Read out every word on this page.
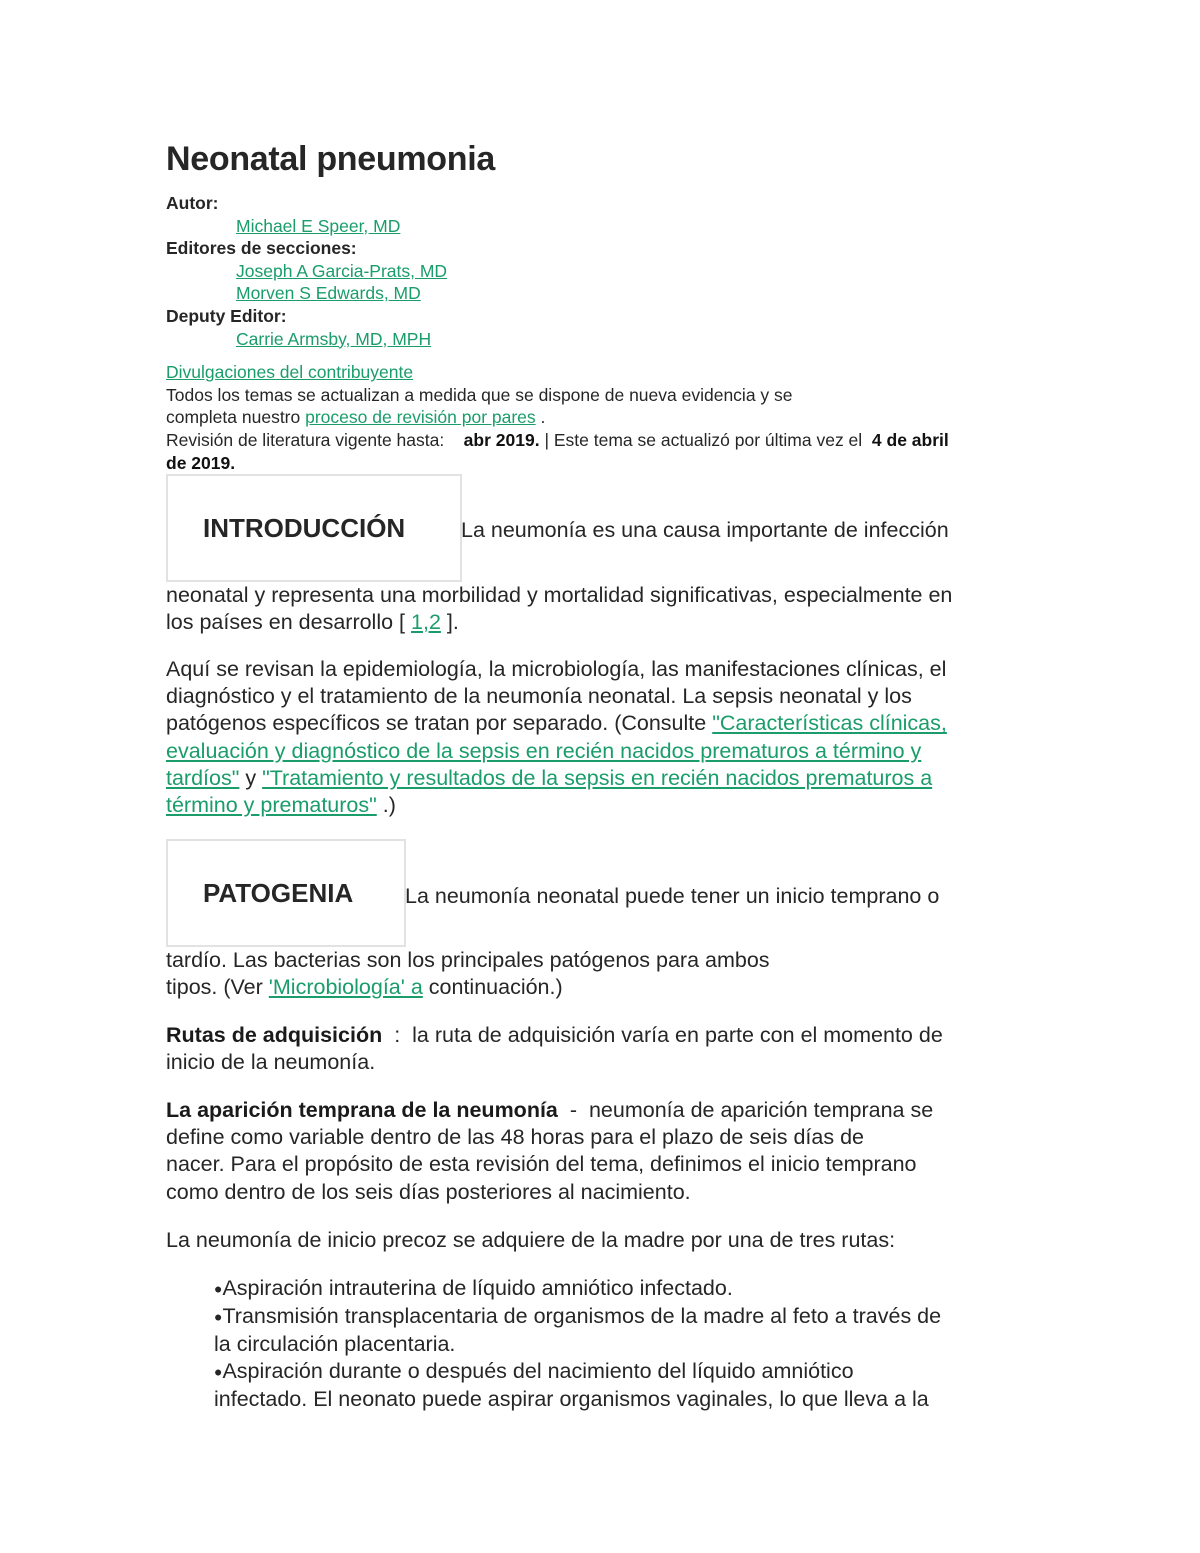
Neonatal pneumonia
Autor:
Michael E Speer, MD
Editores de secciones:
Joseph A Garcia-Prats, MD
Morven S Edwards, MD
Deputy Editor:
Carrie Armsby, MD, MPH

Divulgaciones del contribuyente

Todos los temas se actualizan a medida que se dispone de nueva evidencia y se
completa nuestro proceso de revisión por pares .

Revisión de literatura vigente hasta: abr 2019. | Este tema se actualizó por última vez el 4 de abril
de 2019.

INTRODUCCIÓN	La neumonía es una causa importante de infección

neonatal y representa una morbilidad y mortalidad significativas, especialmente en
los países en desarrollo [ 1,2 ].

Aquí se revisan la epidemiología, la microbiología, las manifestaciones clínicas, el
diagnóstico y el tratamiento de la neumonía neonatal. La sepsis neonatal y los
patógenos específicos se tratan por separado. (Consulte "Características clínicas,
evaluación y diagnóstico de la sepsis en recién nacidos prematuros a término y
tardíos" y "Tratamiento y resultados de la sepsis en recién nacidos prematuros a
término y prematuros" .)

PATOGENIA	La neumonía neonatal puede tener un inicio temprano o

tardío. Las bacterias son los principales patógenos para ambos
tipos. (Ver 'Microbiología' a continuación.)

Rutas de adquisición : la ruta de adquisición varía en parte con el momento de
inicio de la neumonía.

La aparición temprana de la neumonía - neumonía de aparición temprana se
define como variable dentro de las 48 horas para el plazo de seis días de
nacer. Para el propósito de esta revisión del tema, definimos el inicio temprano
como dentro de los seis días posteriores al nacimiento.

La neumonía de inicio precoz se adquiere de la madre por una de tres rutas:

●Aspiración intrauterina de líquido amniótico infectado.
●Transmisión transplacentaria de organismos de la madre al feto a través de
la circulación placentaria.
●Aspiración durante o después del nacimiento del líquido amniótico
infectado. El neonato puede aspirar organismos vaginales, lo que lleva a la
